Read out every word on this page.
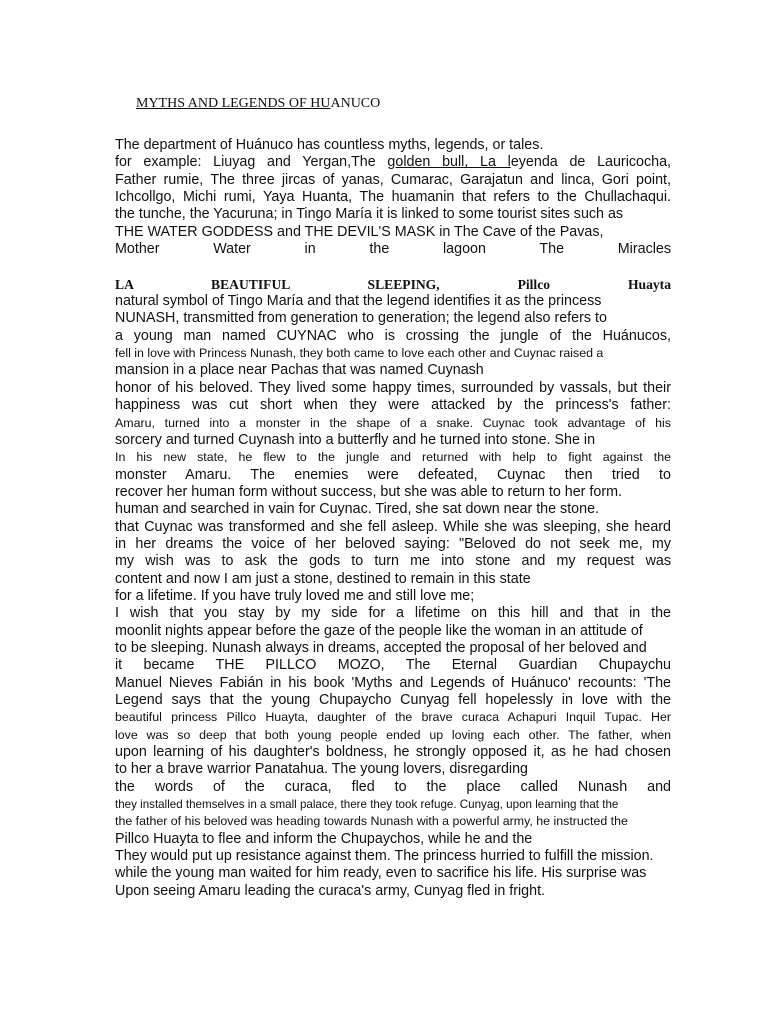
MYTHS AND LEGENDS OF HUANUCO
The department of Huánuco has countless myths, legends, or tales.
for example: Liuyag and Yergan,The golden bull, La leyenda de Lauricocha,
Father rumie, The three jircas of yanas, Cumarac, Garajatun and linca, Gori point,
Ichcollgo, Michi rumi, Yaya Huanta, The huamanin that refers to the Chullachaqui.
the tunche, the Yacuruna; in Tingo María it is linked to some tourist sites such as
THE WATER GODDESS and THE DEVIL'S MASK in The Cave of the Pavas,
Mother Water in the lagoon The Miracles

LA BEAUTIFUL SLEEPING, Pillco Huayta
natural symbol of Tingo María and that the legend identifies it as the princess
NUNASH, transmitted from generation to generation; the legend also refers to
a young man named CUYNAC who is crossing the jungle of the Huánucos,
fell in love with Princess Nunash, they both came to love each other and Cuynac raised a
mansion in a place near Pachas that was named Cuynash
honor of his beloved. They lived some happy times, surrounded by vassals, but their
happiness was cut short when they were attacked by the princess's father:
Amaru, turned into a monster in the shape of a snake. Cuynac took advantage of his
sorcery and turned Cuynash into a butterfly and he turned into stone. She in
In his new state, he flew to the jungle and returned with help to fight against the
monster Amaru. The enemies were defeated, Cuynac then tried to
recover her human form without success, but she was able to return to her form.
human and searched in vain for Cuynac. Tired, she sat down near the stone.
that Cuynac was transformed and she fell asleep. While she was sleeping, she heard
in her dreams the voice of her beloved saying: "Beloved do not seek me, my
my wish was to ask the gods to turn me into stone and my request was
content and now I am just a stone, destined to remain in this state
for a lifetime. If you have truly loved me and still love me;
I wish that you stay by my side for a lifetime on this hill and that in the
moonlit nights appear before the gaze of the people like the woman in an attitude of
to be sleeping. Nunash always in dreams, accepted the proposal of her beloved and
it became THE PILLCO MOZO, The Eternal Guardian Chupaychu
Manuel Nieves Fabián in his book 'Myths and Legends of Huánuco' recounts: 'The
Legend says that the young Chupaycho Cunyag fell hopelessly in love with the
beautiful princess Pillco Huayta, daughter of the brave curaca Achapuri Inquil Tupac. Her
love was so deep that both young people ended up loving each other. The father, when
upon learning of his daughter's boldness, he strongly opposed it, as he had chosen
to her a brave warrior Panatahua. The young lovers, disregarding
the words of the curaca, fled to the place called Nunash and
they installed themselves in a small palace, there they took refuge. Cunyag, upon learning that the
the father of his beloved was heading towards Nunash with a powerful army, he instructed the
Pillco Huayta to flee and inform the Chupaychos, while he and the
They would put up resistance against them. The princess hurried to fulfill the mission.
while the young man waited for him ready, even to sacrifice his life. His surprise was
Upon seeing Amaru leading the curaca's army, Cunyag fled in fright.
